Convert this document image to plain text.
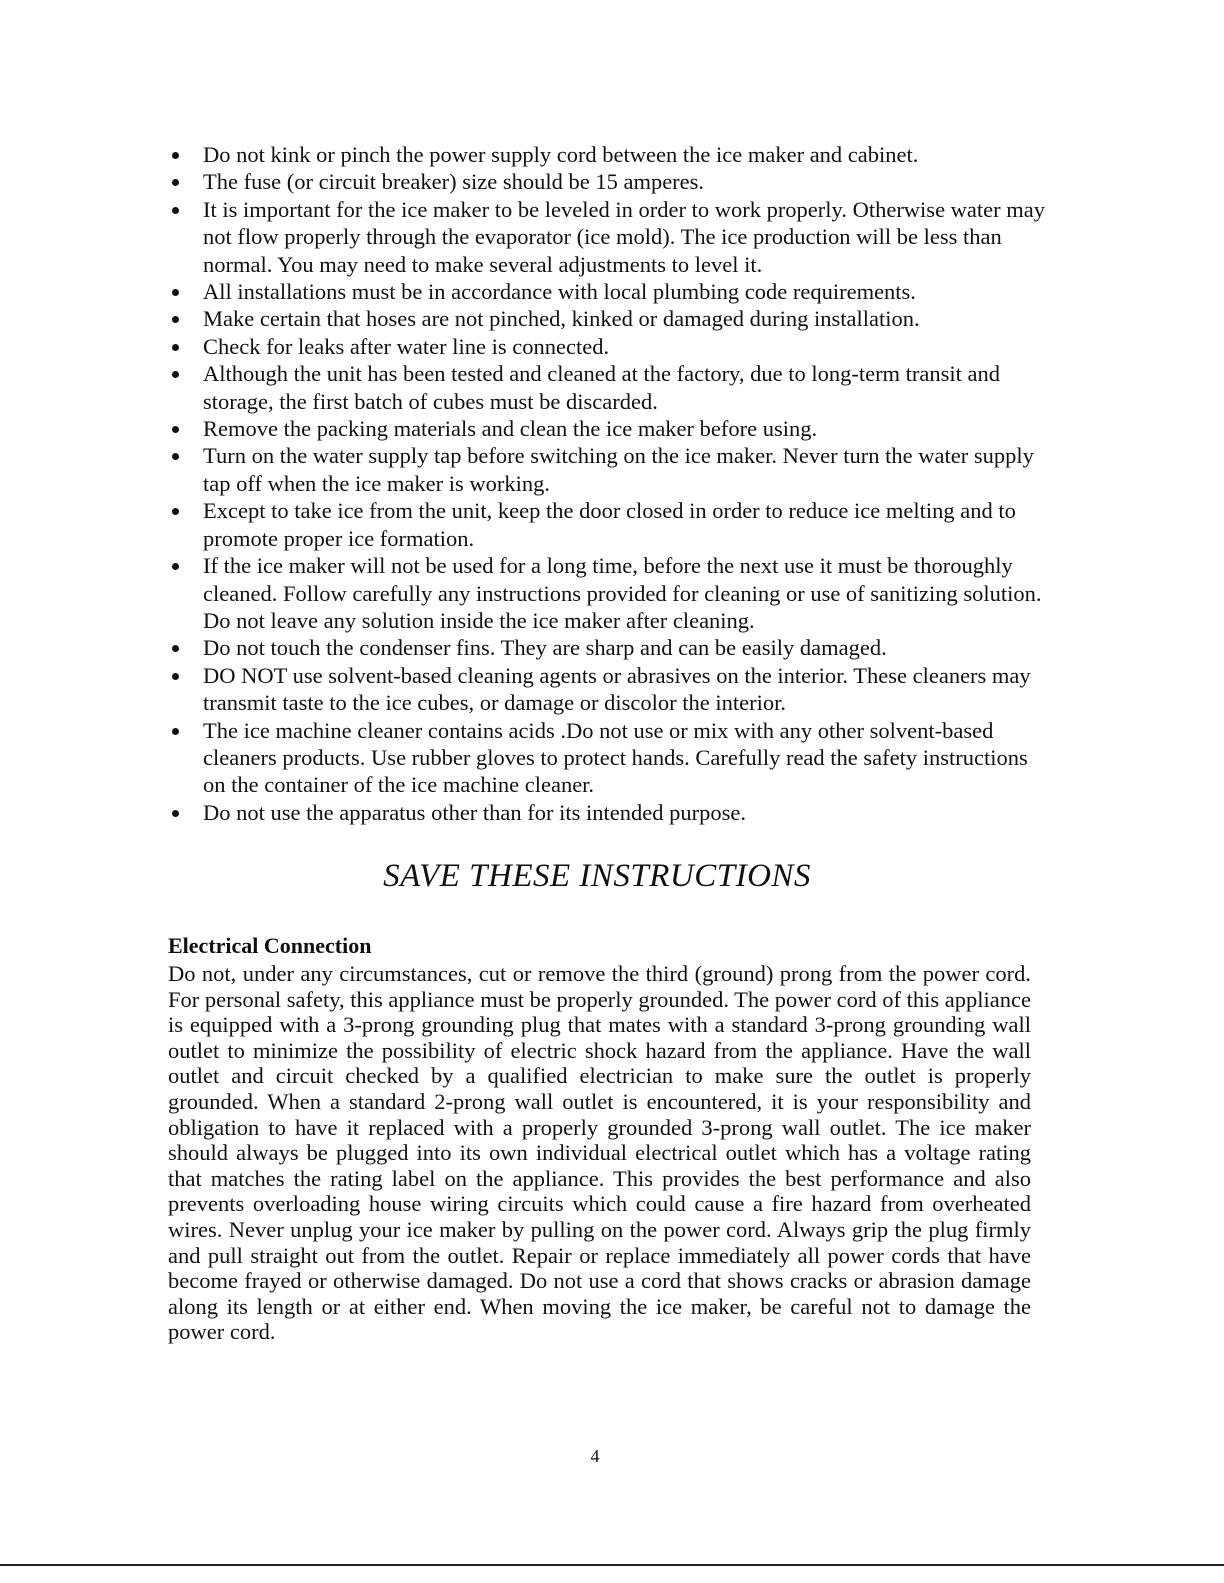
Do not kink or pinch the power supply cord between the ice maker and cabinet.
The fuse (or circuit breaker) size should be 15 amperes.
It is important for the ice maker to be leveled in order to work properly. Otherwise water may not flow properly through the evaporator (ice mold). The ice production will be less than normal. You may need to make several adjustments to level it.
All installations must be in accordance with local plumbing code requirements.
Make certain that hoses are not pinched, kinked or damaged during installation.
Check for leaks after water line is connected.
Although the unit has been tested and cleaned at the factory, due to long-term transit and storage, the first batch of cubes must be discarded.
Remove the packing materials and clean the ice maker before using.
Turn on the water supply tap before switching on the ice maker. Never turn the water supply tap off when the ice maker is working.
Except to take ice from the unit, keep the door closed in order to reduce ice melting and to promote proper ice formation.
If the ice maker will not be used for a long time, before the next use it must be thoroughly cleaned. Follow carefully any instructions provided for cleaning or use of sanitizing solution. Do not leave any solution inside the ice maker after cleaning.
Do not touch the condenser fins. They are sharp and can be easily damaged.
DO NOT use solvent-based cleaning agents or abrasives on the interior. These cleaners may transmit taste to the ice cubes, or damage or discolor the interior.
The ice machine cleaner contains acids .Do not use or mix with any other solvent-based cleaners products. Use rubber gloves to protect hands. Carefully read the safety instructions on the container of the ice machine cleaner.
Do not use the apparatus other than for its intended purpose.
SAVE THESE INSTRUCTIONS
Electrical Connection

Do not, under any circumstances, cut or remove the third (ground) prong from the power cord. For personal safety, this appliance must be properly grounded. The power cord of this appliance is equipped with a 3-prong grounding plug that mates with a standard 3-prong grounding wall outlet to minimize the possibility of electric shock hazard from the appliance. Have the wall outlet and circuit checked by a qualified electrician to make sure the outlet is properly grounded. When a standard 2-prong wall outlet is encountered, it is your responsibility and obligation to have it replaced with a properly grounded 3-prong wall outlet. The ice maker should always be plugged into its own individual electrical outlet which has a voltage rating that matches the rating label on the appliance. This provides the best performance and also prevents overloading house wiring circuits which could cause a fire hazard from overheated wires. Never unplug your ice maker by pulling on the power cord. Always grip the plug firmly and pull straight out from the outlet. Repair or replace immediately all power cords that have become frayed or otherwise damaged. Do not use a cord that shows cracks or abrasion damage along its length or at either end. When moving the ice maker, be careful not to damage the power cord.

4
